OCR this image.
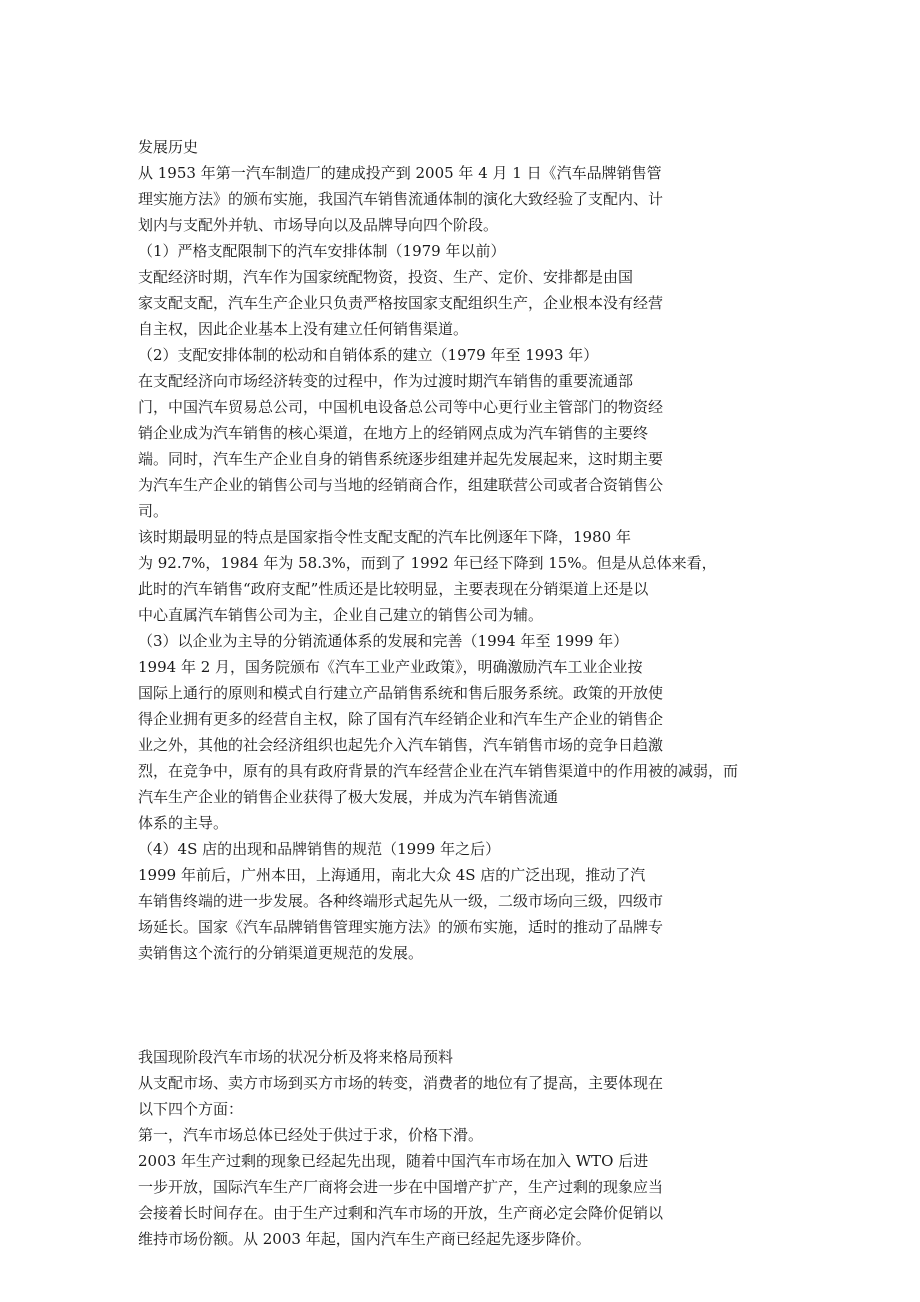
发展历史
从 1953 年第一汽车制造厂的建成投产到 2005 年 4 月 1 日《汽车品牌销售管
理实施方法》的颁布实施，我国汽车销售流通体制的演化大致经验了支配内、计
划内与支配外并轨、市场导向以及品牌导向四个阶段。
（1）严格支配限制下的汽车安排体制（1979 年以前）
支配经济时期，汽车作为国家统配物资，投资、生产、定价、安排都是由国
家支配支配，汽车生产企业只负责严格按国家支配组织生产，企业根本没有经营
自主权，因此企业基本上没有建立任何销售渠道。
（2）支配安排体制的松动和自销体系的建立（1979 年至 1993 年）
在支配经济向市场经济转变的过程中，作为过渡时期汽车销售的重要流通部
门，中国汽车贸易总公司，中国机电设备总公司等中心更行业主管部门的物资经
销企业成为汽车销售的核心渠道，在地方上的经销网点成为汽车销售的主要终
端。同时，汽车生产企业自身的销售系统逐步组建并起先发展起来，这时期主要
为汽车生产企业的销售公司与当地的经销商合作，组建联营公司或者合资销售公
司。
该时期最明显的特点是国家指令性支配支配的汽车比例逐年下降，1980 年
为 92.7%，1984 年为 58.3%，而到了 1992 年已经下降到 15%。但是从总体来看，
此时的汽车销售“政府支配”性质还是比较明显，主要表现在分销渠道上还是以
中心直属汽车销售公司为主，企业自己建立的销售公司为辅。
（3）以企业为主导的分销流通体系的发展和完善（1994 年至 1999 年）
1994 年 2 月，国务院颁布《汽车工业产业政策》，明确激励汽车工业企业按
国际上通行的原则和模式自行建立产品销售系统和售后服务系统。政策的开放使
得企业拥有更多的经营自主权，除了国有汽车经销企业和汽车生产企业的销售企
业之外，其他的社会经济组织也起先介入汽车销售，汽车销售市场的竞争日趋激
烈，在竞争中，原有的具有政府背景的汽车经营企业在汽车销售渠道中的作用被的减弱，而
汽车生产企业的销售企业获得了极大发展，并成为汽车销售流通
体系的主导。
（4）4S 店的出现和品牌销售的规范（1999 年之后）
1999 年前后，广州本田，上海通用，南北大众 4S 店的广泛出现，推动了汽
车销售终端的进一步发展。各种终端形式起先从一级，二级市场向三级，四级市
场延长。国家《汽车品牌销售管理实施方法》的颁布实施，适时的推动了品牌专
卖销售这个流行的分销渠道更规范的发展。
我国现阶段汽车市场的状况分析及将来格局预料
从支配市场、卖方市场到买方市场的转变，消费者的地位有了提高，主要体现在
以下四个方面：
第一，汽车市场总体已经处于供过于求，价格下滑。
2003 年生产过剩的现象已经起先出现，随着中国汽车市场在加入 WTO 后进
一步开放，国际汽车生产厂商将会进一步在中国增产扩产，生产过剩的现象应当
会接着长时间存在。由于生产过剩和汽车市场的开放，生产商必定会降价促销以
维持市场份额。从 2003 年起，国内汽车生产商已经起先逐步降价。
